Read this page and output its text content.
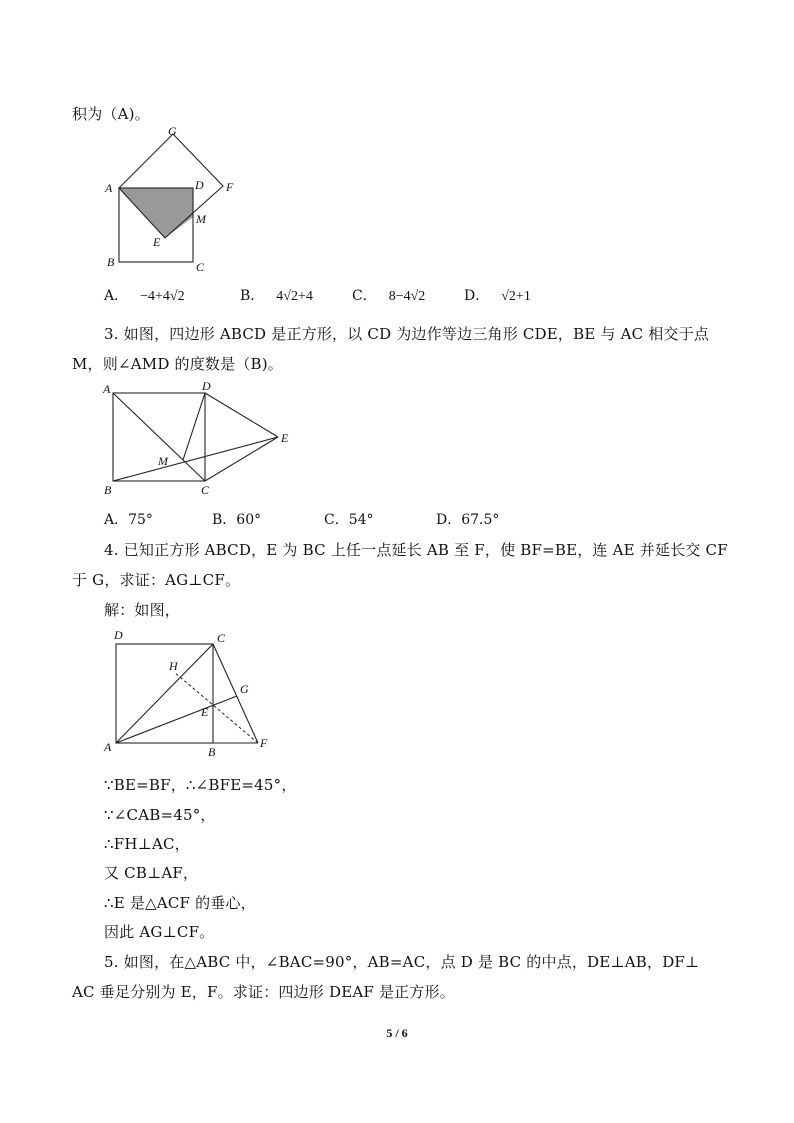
积为（A)。
G
A	D F
M
E
B	C
A． −4+4√2	B． 4√2+4	C． 8−4√2	D． √2+1
3. 如图，四边形 ABCD 是正方形，以 CD 为边作等边三角形 CDE，BE 与 AC 相交于点
M，则∠AMD 的度数是（B)。
A	D
E
M
B	C
A．75°	B．60°	C．54°	D．67.5°
4. 已知正方形 ABCD，E 为 BC 上任一点延长 AB 至 F，使 BF=BE，连 AE 并延长交 CF
于 G，求证：AG⊥CF。
解：如图，
D	C
H
G
E
A	B
F
∵BE=BF，∴∠BFE=45°，
∵∠CAB=45°，
∴FH⊥AC，
又 CB⊥AF，
∴E 是△ACF 的垂心，
因此 AG⊥CF。
5. 如图，在△ABC 中，∠BAC=90°，AB=AC，点 D 是 BC 的中点，DE⊥AB，DF⊥
AC 垂足分别为 E，F。求证：四边形 DEAF 是正方形。
5 / 6
